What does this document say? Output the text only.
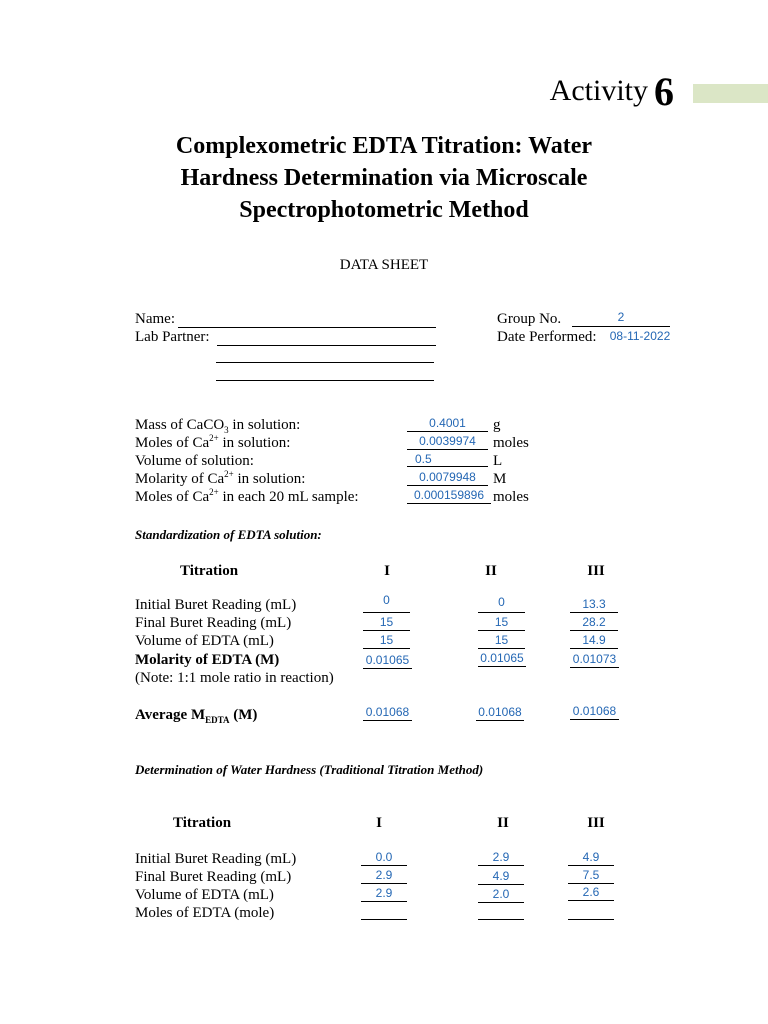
Activity 6
Complexometric EDTA Titration: Water
Hardness Determination via Microscale
Spectrophotometric Method
DATA SHEET
Name:
Lab Partner:
Group No.	2
Date Performed:	08-11-2022
Mass of CaCO$_3$ in solution:	0.4001	g
Moles of $Ca^{2+}$ in solution:	0.0039974	moles
Volume of solution:	0.5	L
Molarity of $Ca^{2+}$ in solution:	0.0079948	M
Moles of $Ca^{2+}$ in each 20 mL sample:	0.000159896 moles
Standardization of EDTA solution:
Titration	I	II	III
Initial Buret Reading (mL)	0	0	13.3
Final Buret Reading (mL)	15	15	28.2
Volume of EDTA (mL)	15	15	14.9
Molarity of EDTA (M)	0.01065	0.01065	0.01073
(Note: 1:1 mole ratio in reaction)
Average $M_{EDTA}$ (M)	0.01068	0.01068	0.01068
Determination of Water Hardness (Traditional Titration Method)
Titration	I	II	III
Initial Buret Reading (mL)	0.0	2.9	4.9
Final Buret Reading (mL)	2.9	4.9	7.5
Volume of EDTA (mL)	2.9	2.0	2.6
Moles of EDTA (mole)
